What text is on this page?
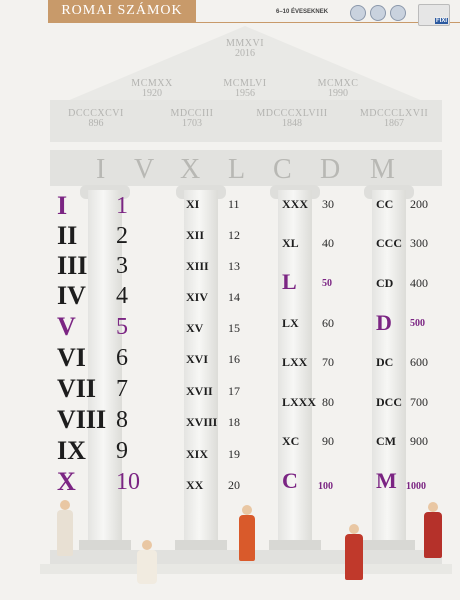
ROMAI SZÁMOK	6–10 ÉVESEKNEK
FIXI
MMXVI
2016
MCMXX
1920
MCMLVI
1956
MCMXC
1990
DCCCXCVI
896
MDCCIII
1703
MDCCCXLVIII
1848
MDCCCLXVII
1867
I V X L C D M
I 1
II 2
III 3
IV 4
V 5
VI 6
VII 7
VIII 8
IX 9
X 10
XI 11
XII 12
XIII 13
XIV 14
XV 15
XVI 16
XVII 17
XVIII 18
XIX 19
XX 20
XXX 30
XL 40
L	50
LX 60
LXX 70
LXXX 80
XC 90
C 100
CC 200
CCC 300
CD 400
D 500
DC 600
DCC 700
CM 900
M 1000
